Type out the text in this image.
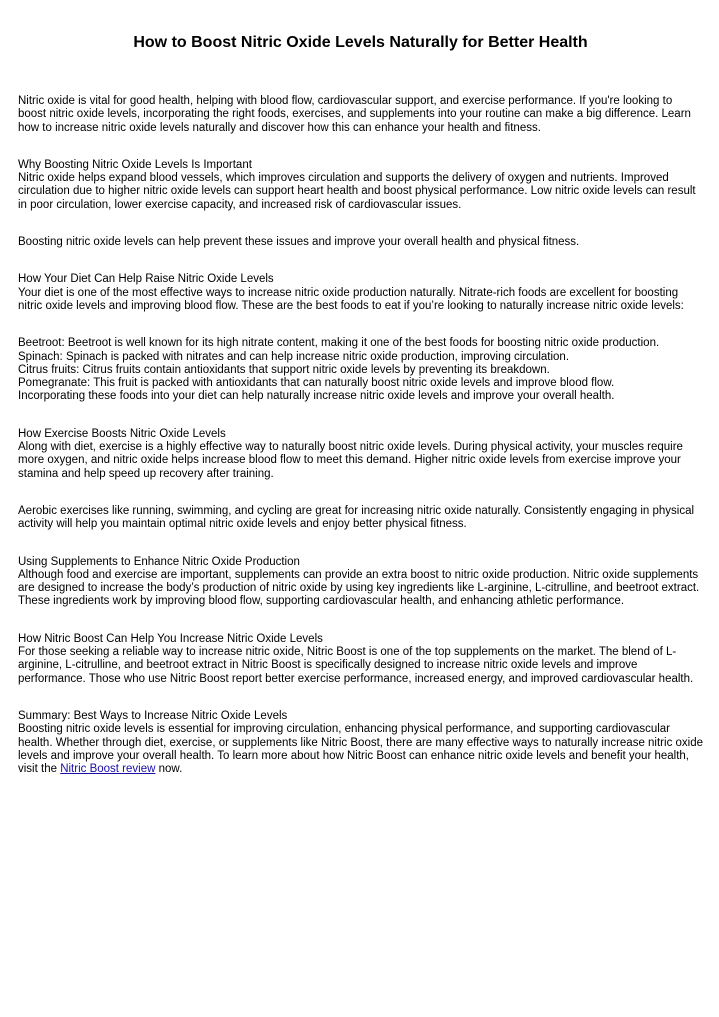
How to Boost Nitric Oxide Levels Naturally for Better Health

Nitric oxide is vital for good health, helping with blood flow, cardiovascular support, and exercise performance. If you're looking to boost nitric oxide levels, incorporating the right foods, exercises, and supplements into your routine can make a big difference. Learn how to increase nitric oxide levels naturally and discover how this can enhance your health and fitness.

Why Boosting Nitric Oxide Levels Is Important

Nitric oxide helps expand blood vessels, which improves circulation and supports the delivery of oxygen and nutrients. Improved circulation due to higher nitric oxide levels can support heart health and boost physical performance. Low nitric oxide levels can result in poor circulation, lower exercise capacity, and increased risk of cardiovascular issues.

Boosting nitric oxide levels can help prevent these issues and improve your overall health and physical fitness.

How Your Diet Can Help Raise Nitric Oxide Levels

Your diet is one of the most effective ways to increase nitric oxide production naturally. Nitrate-rich foods are excellent for boosting nitric oxide levels and improving blood flow. These are the best foods to eat if you’re looking to naturally increase nitric oxide levels:

Beetroot: Beetroot is well known for its high nitrate content, making it one of the best foods for boosting nitric oxide production.

Spinach: Spinach is packed with nitrates and can help increase nitric oxide production, improving circulation.

Citrus fruits: Citrus fruits contain antioxidants that support nitric oxide levels by preventing its breakdown.

Pomegranate: This fruit is packed with antioxidants that can naturally boost nitric oxide levels and improve blood flow.

Incorporating these foods into your diet can help naturally increase nitric oxide levels and improve your overall health.

How Exercise Boosts Nitric Oxide Levels

Along with diet, exercise is a highly effective way to naturally boost nitric oxide levels. During physical activity, your muscles require more oxygen, and nitric oxide helps increase blood flow to meet this demand. Higher nitric oxide levels from exercise improve your stamina and help speed up recovery after training.

Aerobic exercises like running, swimming, and cycling are great for increasing nitric oxide naturally. Consistently engaging in physical activity will help you maintain optimal nitric oxide levels and enjoy better physical fitness.

Using Supplements to Enhance Nitric Oxide Production

Although food and exercise are important, supplements can provide an extra boost to nitric oxide production. Nitric oxide supplements are designed to increase the body’s production of nitric oxide by using key ingredients like L-arginine, L-citrulline, and beetroot extract. These ingredients work by improving blood flow, supporting cardiovascular health, and enhancing athletic performance.

How Nitric Boost Can Help You Increase Nitric Oxide Levels

For those seeking a reliable way to increase nitric oxide, Nitric Boost is one of the top supplements on the market. The blend of L-arginine, L-citrulline, and beetroot extract in Nitric Boost is specifically designed to increase nitric oxide levels and improve performance. Those who use Nitric Boost report better exercise performance, increased energy, and improved cardiovascular health.

Summary: Best Ways to Increase Nitric Oxide Levels

Boosting nitric oxide levels is essential for improving circulation, enhancing physical performance, and supporting cardiovascular health. Whether through diet, exercise, or supplements like Nitric Boost, there are many effective ways to naturally increase nitric oxide levels and improve your overall health. To learn more about how Nitric Boost can enhance nitric oxide levels and benefit your health, visit the Nitric Boost review now.
